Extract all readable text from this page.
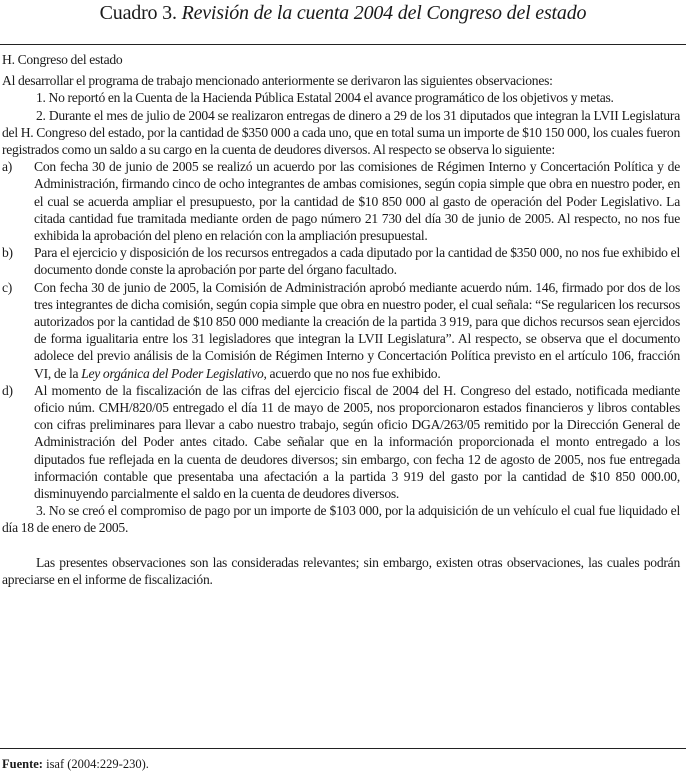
Cuadro 3. Revisión de la cuenta 2004 del Congreso del estado

H. Congreso del estado

Al desarrollar el programa de trabajo mencionado anteriormente se derivaron las siguientes observaciones:

1. No reportó en la Cuenta de la Hacienda Pública Estatal 2004 el avance programático de los objetivos y metas.

2. Durante el mes de julio de 2004 se realizaron entregas de dinero a 29 de los 31 diputados que integran la LVII Legislatura del H. Congreso del estado, por la cantidad de $350 000 a cada uno, que en total suma un importe de $10 150 000, los cuales fueron registrados como un saldo a su cargo en la cuenta de deudores diversos. Al respecto se observa lo siguiente:

a)	Con fecha 30 de junio de 2005 se realizó un acuerdo por las comisiones de Régimen Interno y Concertación Política y de Administración, firmando cinco de ocho integrantes de ambas comisiones, según copia simple que obra en nuestro poder, en el cual se acuerda ampliar el presupuesto, por la cantidad de $10 850 000 al gasto de operación del Poder Legislativo. La citada cantidad fue tramitada mediante orden de pago número 21 730 del día 30 de junio de 2005. Al respecto, no nos fue exhibida la aprobación del pleno en relación con la ampliación presupuestal.
b)	Para el ejercicio y disposición de los recursos entregados a cada diputado por la cantidad de $350 000, no nos fue exhibido el documento donde conste la aprobación por parte del órgano facultado.
c)	Con fecha 30 de junio de 2005, la Comisión de Administración aprobó mediante acuerdo núm. 146, firmado por dos de los tres integrantes de dicha comisión, según copia simple que obra en nuestro poder, el cual señala: “Se regularicen los recursos autorizados por la cantidad de $10 850 000 mediante la creación de la partida 3 919, para que dichos recursos sean ejercidos de forma igualitaria entre los 31 legisladores que integran la LVII Legislatura”. Al respecto, se observa que el documento adolece del previo análisis de la Comisión de Régimen Interno y Concertación Política previsto en el artículo 106, fracción VI, de la Ley orgánica del Poder Legislativo, acuerdo que no nos fue exhibido.
d)	Al momento de la fiscalización de las cifras del ejercicio fiscal de 2004 del H. Congreso del estado, notificada mediante oficio núm. CMH/820/05 entregado el día 11 de mayo de 2005, nos proporcionaron estados financieros y libros contables con cifras preliminares para llevar a cabo nuestro trabajo, según oficio DGA/263/05 remitido por la Dirección General de Administración del Poder antes citado. Cabe señalar que en la información proporcionada el monto entregado a los diputados fue reflejada en la cuenta de deudores diversos; sin embargo, con fecha 12 de agosto de 2005, nos fue entregada información contable que presentaba una afectación a la partida 3 919 del gasto por la cantidad de $10 850 000.00, disminuyendo parcialmente el saldo en la cuenta de deudores diversos.

3. No se creó el compromiso de pago por un importe de $103 000, por la adquisición de un vehículo el cual fue liquidado el día 18 de enero de 2005.

Las presentes observaciones son las consideradas relevantes; sin embargo, existen otras observaciones, las cuales podrán apreciarse en el informe de fiscalización.

Fuente: isaf (2004:229-230).
